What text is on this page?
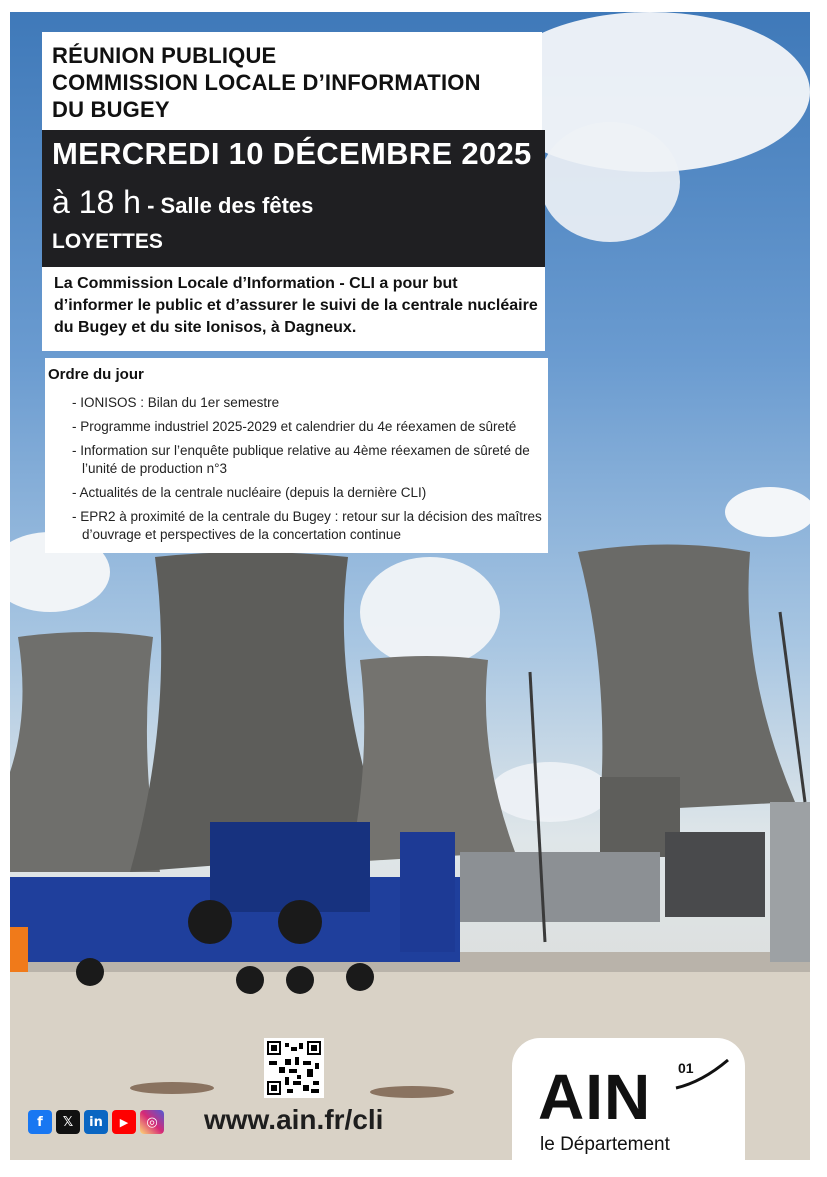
RÉUNION PUBLIQUE
COMMISSION LOCALE D’INFORMATION
DU BUGEY
MERCREDI 10 DÉCEMBRE 2025
à 18 h - Salle des fêtes
LOYETTES
La Commission Locale d’Information - CLI a pour but d’informer le public et d’assurer le suivi de la centrale nucléaire du Bugey et du site Ionisos, à Dagneux.
Ordre du jour
- IONISOS : Bilan du 1er semestre
- Programme industriel 2025-2029 et calendrier du 4e réexamen de sûreté
- Information sur l’enquête publique relative au 4ème réexamen de sûreté de l’unité de production n°3
- Actualités de la centrale nucléaire (depuis la dernière CLI)
- EPR2 à proximité de la centrale du Bugey : retour sur la décision des maîtres d’ouvrage et perspectives de la concertation continue
f	𝕏	in	▶	◎ www.ain.fr/cli AIN 01
le Département
